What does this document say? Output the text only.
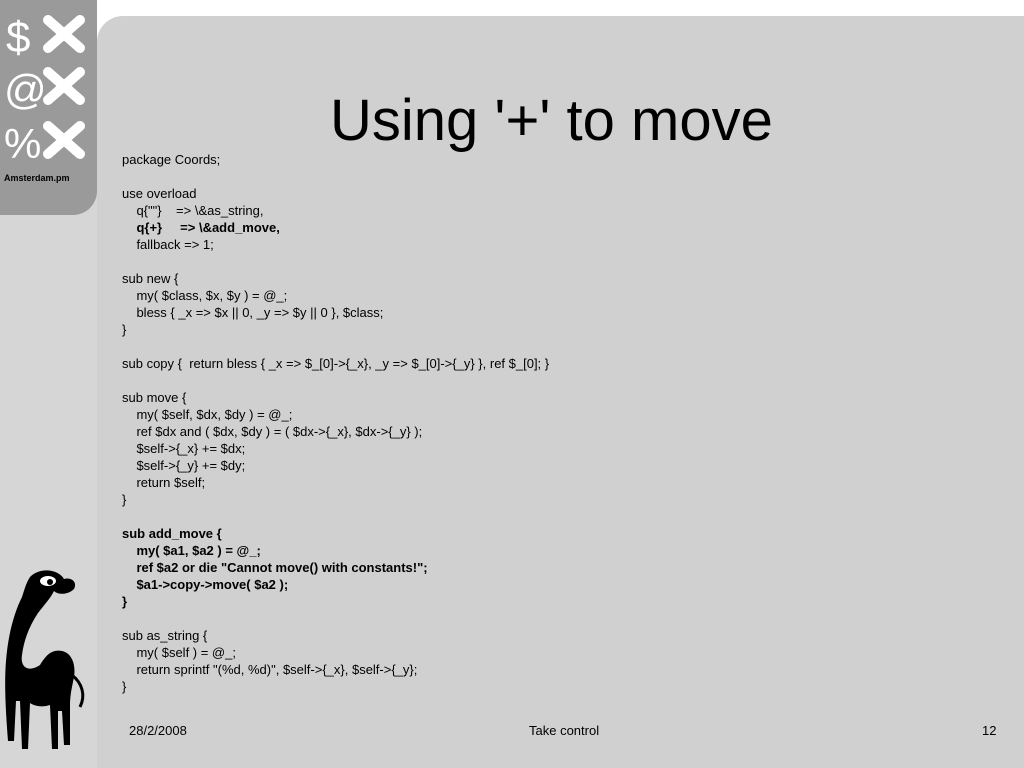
$
@
%
Amsterdam.pm
Using '+' to move
package Coords;
use overload
q{""}    => \&as_string,
q{+}     => \&add_move,
fallback => 1;
sub new {
my( $class, $x, $y ) = @_;
bless { _x => $x || 0, _y => $y || 0 }, $class;
}
sub copy {  return bless { _x => $_[0]->{_x}, _y => $_[0]->{_y} }, ref $_[0]; }
sub move {
my( $self, $dx, $dy ) = @_;
ref $dx and ( $dx, $dy ) = ( $dx->{_x}, $dx->{_y} );
$self->{_x} += $dx;
$self->{_y} += $dy;
return $self;
}
sub add_move {
my( $a1, $a2 ) = @_;
ref $a2 or die "Cannot move() with constants!";
$a1->copy->move( $a2 );
}
sub as_string {
my( $self ) = @_;
return sprintf "(%d, %d)", $self->{_x}, $self->{_y};
}
28/2/2008	Take control	12
